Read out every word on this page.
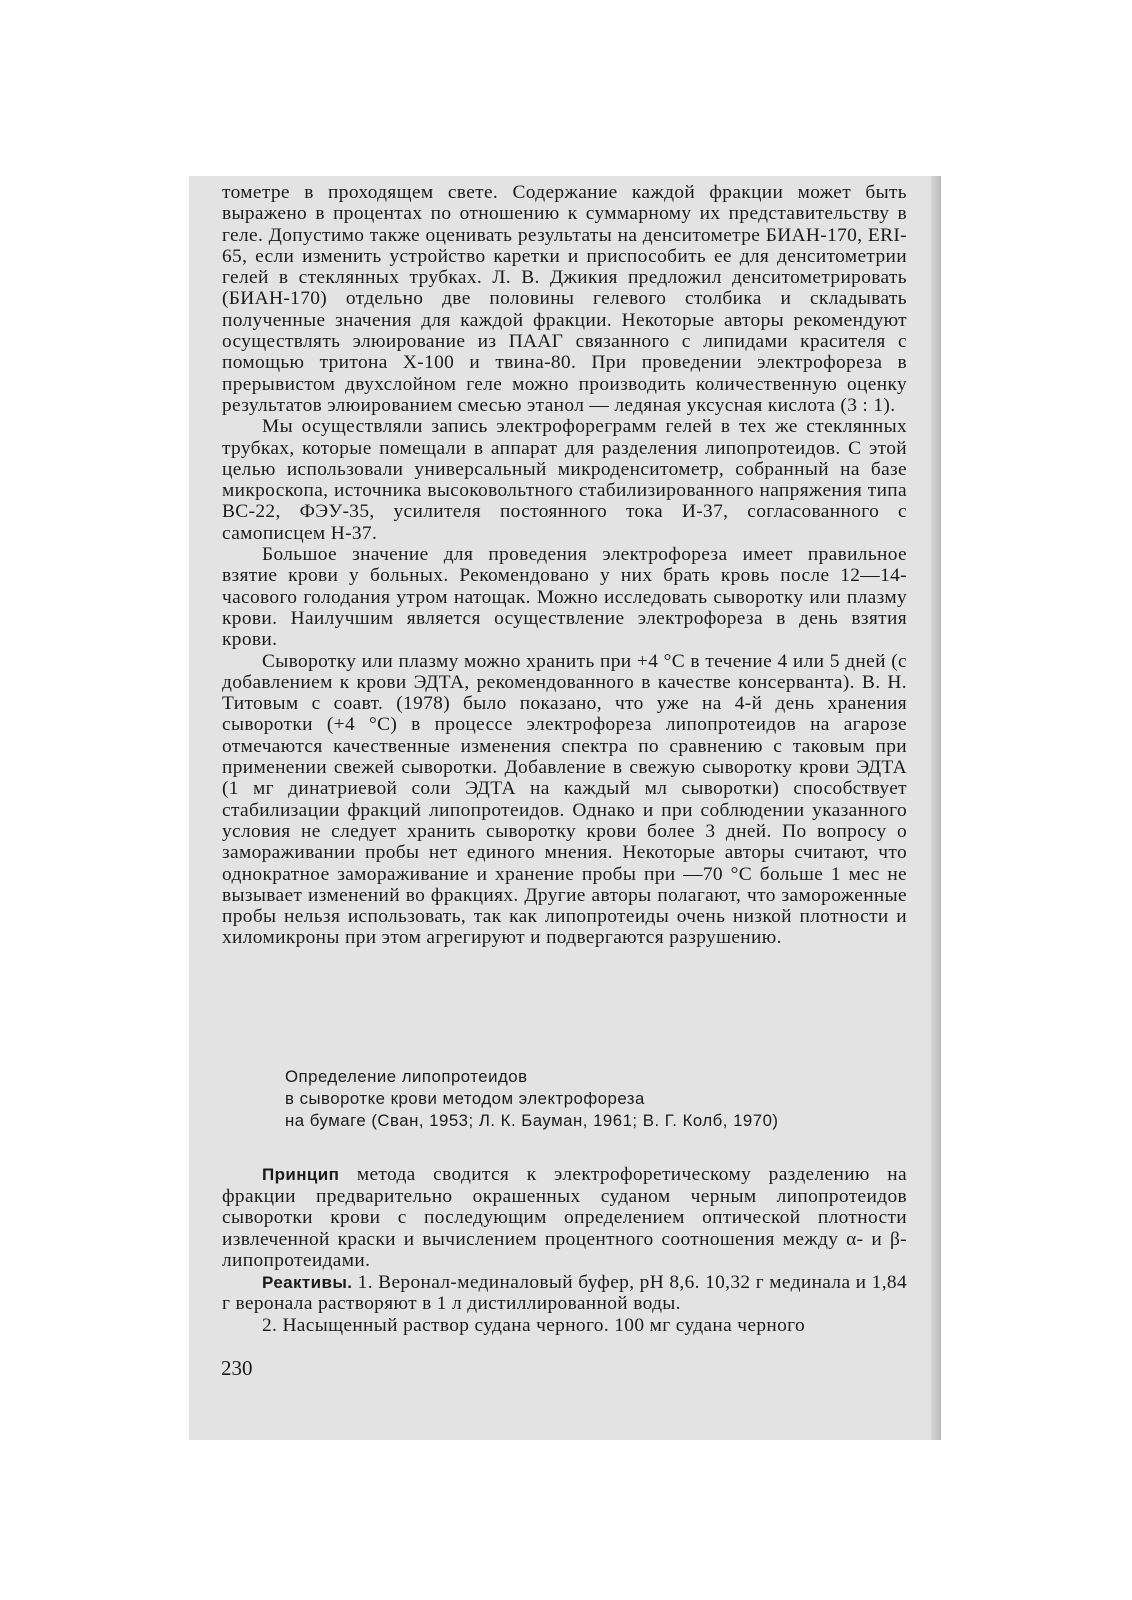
тометре в проходящем свете. Содержание каждой фракции может быть выражено в процентах по отношению к суммарному их представительству в геле. Допустимо также оценивать результаты на денситометре БИАН-170, ERI-65, если изменить устройство каретки и приспособить ее для денситометрии гелей в стеклянных трубках. Л. В. Джикия предложил денситометрировать (БИАН-170) отдельно две половины гелевого столбика и складывать полученные значения для каждой фракции. Некоторые авторы рекомендуют осуществлять элюирование из ПААГ связанного с липидами красителя с помощью тритона X-100 и твина-80. При проведении электрофореза в прерывистом двухслойном геле можно производить количественную оценку результатов элюированием смесью этанол — ледяная уксусная кислота (3 : 1).

Мы осуществляли запись электрофореграмм гелей в тех же стеклянных трубках, которые помещали в аппарат для разделения липопротеидов. С этой целью использовали универсальный микроденситометр, собранный на базе микроскопа, источника высоковольтного стабилизированного напряжения типа ВС-22, ФЭУ-35, усилителя постоянного тока И-37, согласованного с самописцем Н-37.

Большое значение для проведения электрофореза имеет правильное взятие крови у больных. Рекомендовано у них брать кровь после 12—14-часового голодания утром натощак. Можно исследовать сыворотку или плазму крови. Наилучшим является осуществление электрофореза в день взятия крови.

Сыворотку или плазму можно хранить при +4 °С в течение 4 или 5 дней (с добавлением к крови ЭДТА, рекомендованного в качестве консерванта). В. Н. Титовым с соавт. (1978) было показано, что уже на 4-й день хранения сыворотки (+4 °С) в процессе электрофореза липопротеидов на агарозе отмечаются качественные изменения спектра по сравнению с таковым при применении свежей сыворотки. Добавление в свежую сыворотку крови ЭДТА (1 мг динатриевой соли ЭДТА на каждый мл сыворотки) способствует стабилизации фракций липопротеидов. Однако и при соблюдении указанного условия не следует хранить сыворотку крови более 3 дней. По вопросу о замораживании пробы нет единого мнения. Некоторые авторы считают, что однократное замораживание и хранение пробы при —70 °С больше 1 мес не вызывает изменений во фракциях. Другие авторы полагают, что замороженные пробы нельзя использовать, так как липопротеиды очень низкой плотности и хиломикроны при этом агрегируют и подвергаются разрушению.

Определение липопротеидов
в сыворотке крови методом электрофореза
на бумаге (Сван, 1953; Л. К. Бауман, 1961; В. Г. Колб, 1970)

Принцип метода сводится к электрофоретическому разделению на фракции предварительно окрашенных суданом черным липопротеидов сыворотки крови с последующим определением оптической плотности извлеченной краски и вычислением процентного соотношения между α- и β-липопротеидами.

Реактивы. 1. Веронал-мединаловый буфер, pH 8,6. 10,32 г мединала и 1,84 г веронала растворяют в 1 л дистиллированной воды.

2. Насыщенный раствор судана черного. 100 мг судана черного

230
